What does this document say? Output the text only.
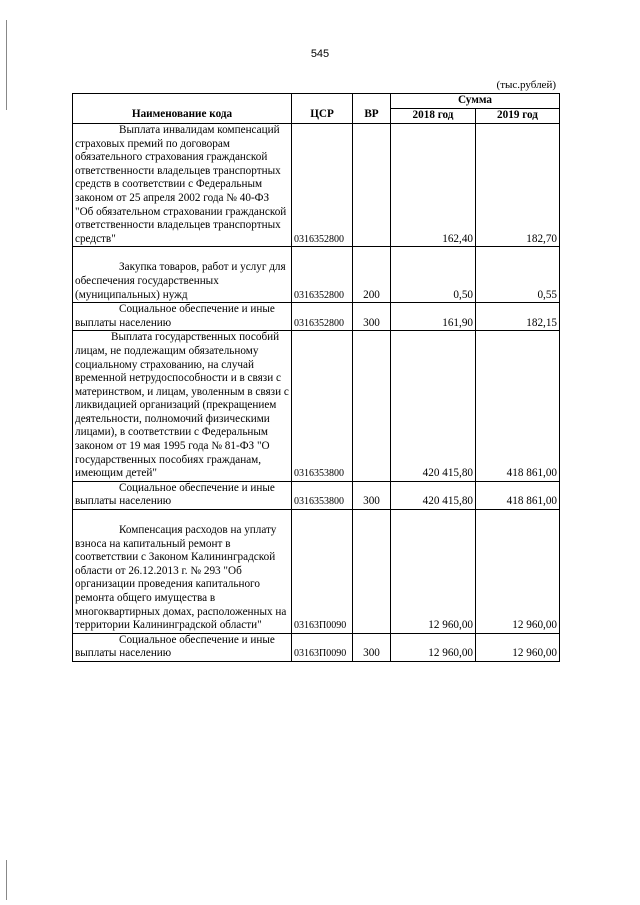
545
(тыс.рублей)
Наименование кода	ЦСР	ВР	Сумма	
			2018 год	2019 год
Выплата инвалидам компенсаций страховых премий по договорам обязательного страхования гражданской ответственности владельцев транспортных средств в соответствии с Федеральным законом от 25 апреля 2002 года № 40-ФЗ "Об обязательном страховании гражданской ответственности владельцев транспортных средств"	0316352800		162,40	182,70
Закупка товаров, работ и услуг для обеспечения государственных (муниципальных) нужд	0316352800	200	0,50	0,55
Социальное обеспечение и иные выплаты населению	0316352800	300	161,90	182,15
Выплата государственных пособий лицам, не подлежащим обязательному социальному страхованию, на случай временной нетрудоспособности и в связи с материнством, и лицам, уволенным в связи с ликвидацией организаций (прекращением деятельности, полномочий физическими лицами), в соответствии с Федеральным законом от 19 мая 1995 года № 81-ФЗ "О государственных пособиях гражданам, имеющим детей"	0316353800		420 415,80	418 861,00
Социальное обеспечение и иные выплаты населению	0316353800	300	420 415,80	418 861,00
Компенсация расходов на уплату взноса на капитальный ремонт в соответствии с Законом Калининградской области от 26.12.2013 г. № 293 "Об организации проведения капитального ремонта общего имущества в многоквартирных домах, расположенных на территории Калининградской области"	03163П0090		12 960,00	12 960,00
Социальное обеспечение и иные выплаты населению	03163П0090	300	12 960,00	12 960,00
